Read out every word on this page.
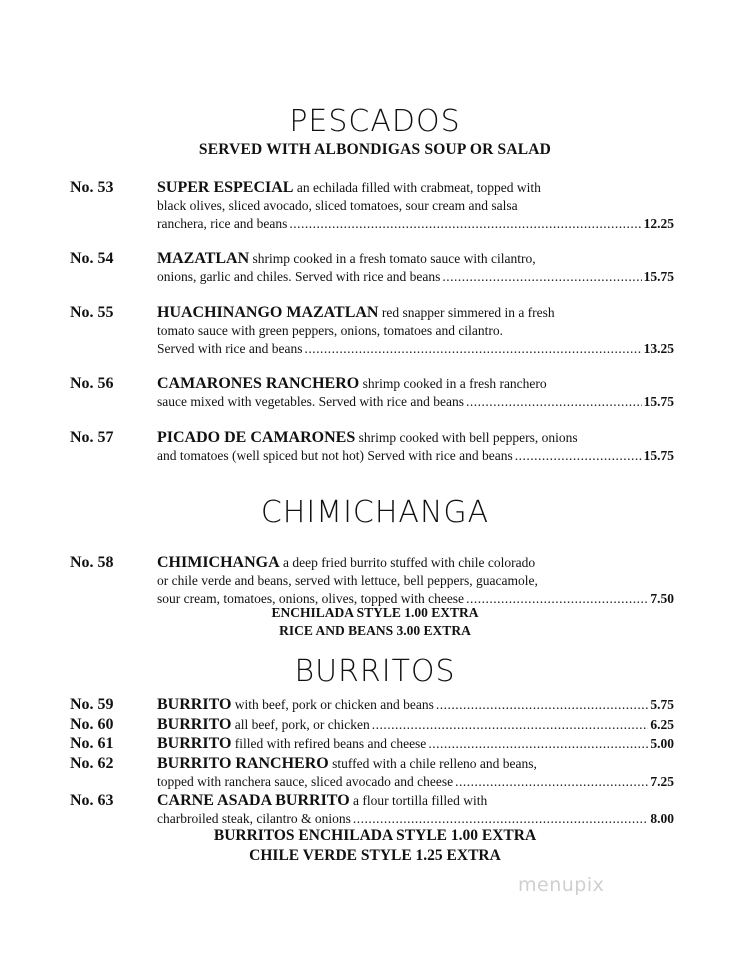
PESCADOS
SERVED WITH ALBONDIGAS SOUP OR SALAD
No. 53	SUPER ESPECIAL an echilada filled with crabmeat, topped with
black olives, sliced avocado, sliced tomatoes, sour cream and salsa
ranchera, rice and beans .....	12.25
No. 54	MAZATLAN shrimp cooked in a fresh tomato sauce with cilantro,
onions, garlic and chiles. Served with rice and beans .....	15.75
No. 55	HUACHINANGO MAZATLAN red snapper simmered in a fresh
tomato sauce with green peppers, onions, tomatoes and cilantro.
Served with rice and beans .....	13.25
No. 56	CAMARONES RANCHERO shrimp cooked in a fresh ranchero
sauce mixed with vegetables. Served with rice and beans .....	15.75
No. 57	PICADO DE CAMARONES shrimp cooked with bell peppers, onions
and tomatoes (well spiced but not hot) Served with rice and beans .....	15.75
CHIMICHANGA
No. 58	CHIMICHANGA a deep fried burrito stuffed with chile colorado
or chile verde and beans, served with lettuce, bell peppers, guacamole,
sour cream, tomatoes, onions, olives, topped with cheese .....	7.50
ENCHILADA STYLE 1.00 EXTRA
RICE AND BEANS 3.00 EXTRA
BURRITOS
No. 59	BURRITO with beef, pork or chicken and beans .....	5.75
No. 60	BURRITO all beef, pork, or chicken .....	6.25
No. 61	BURRITO filled with refired beans and cheese .....	5.00
No. 62	BURRITO RANCHERO stuffed with a chile relleno and beans,
topped with ranchera sauce, sliced avocado and cheese .....	7.25
No. 63	CARNE ASADA BURRITO a flour tortilla filled with
charbroiled steak, cilantro & onions .....	8.00
BURRITOS ENCHILADA STYLE 1.00 EXTRA
CHILE VERDE STYLE 1.25 EXTRA
menupix
